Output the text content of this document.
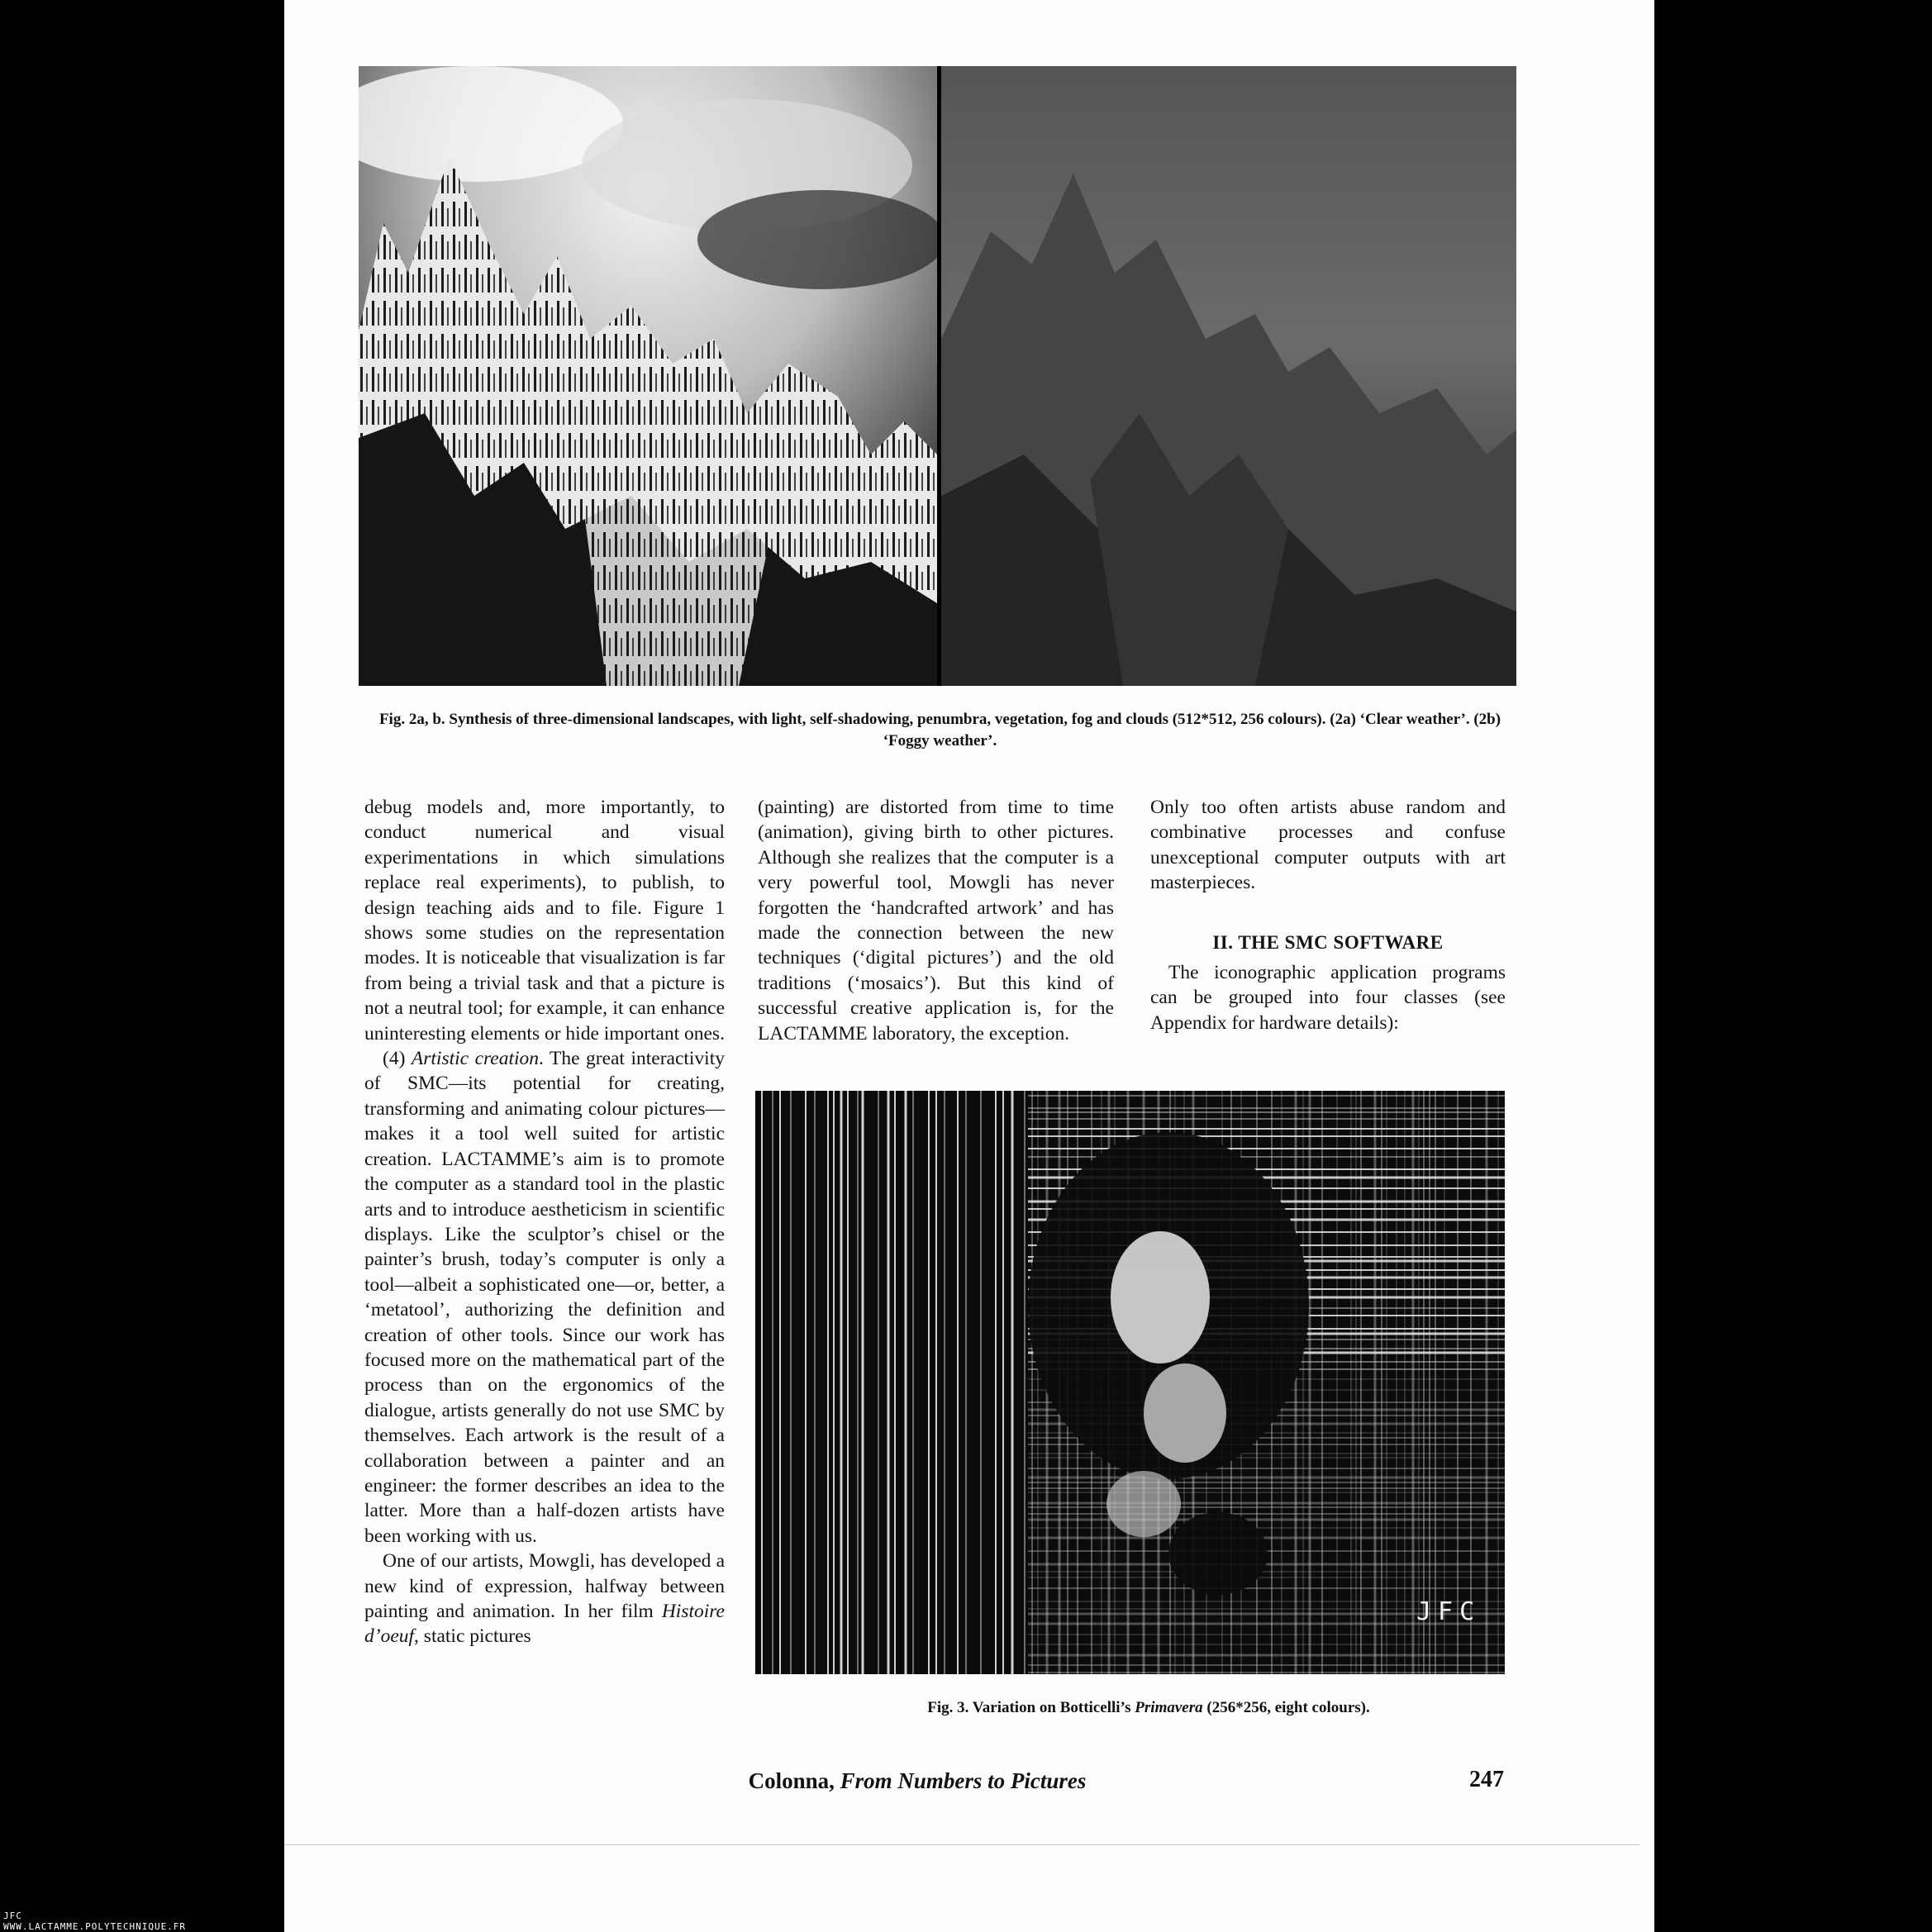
Fig. 2a, b. Synthesis of three-dimensional landscapes, with light, self-shadowing, penumbra, vegetation, fog and clouds (512*512, 256 colours). (2a) ‘Clear weather’. (2b) ‘Foggy weather’.

debug models and, more importantly, to conduct numerical and visual experimentations in which simulations replace real experiments), to publish, to design teaching aids and to file. Figure 1 shows some studies on the representation modes. It is noticeable that visualization is far from being a trivial task and that a picture is not a neutral tool; for example, it can enhance uninteresting elements or hide important ones.

(4) Artistic creation. The great interactivity of SMC—its potential for creating, transforming and animating colour pictures—makes it a tool well suited for artistic creation. LACTAMME’s aim is to promote the computer as a standard tool in the plastic arts and to introduce aestheticism in scientific displays. Like the sculptor’s chisel or the painter’s brush, today’s computer is only a tool—albeit a sophisticated one—or, better, a ‘metatool’, authorizing the definition and creation of other tools. Since our work has focused more on the mathematical part of the process than on the ergonomics of the dialogue, artists generally do not use SMC by themselves. Each artwork is the result of a collaboration between a painter and an engineer: the former describes an idea to the latter. More than a half-dozen artists have been working with us.

One of our artists, Mowgli, has developed a new kind of expression, halfway between painting and animation. In her film Histoire d’oeuf, static pictures

(painting) are distorted from time to time (animation), giving birth to other pictures. Although she realizes that the computer is a very powerful tool, Mowgli has never forgotten the ‘handcrafted artwork’ and has made the connection between the new techniques (‘digital pictures’) and the old traditions (‘mosaics’). But this kind of successful creative application is, for the LACTAMME laboratory, the exception.

Only too often artists abuse random and combinative processes and confuse unexceptional computer outputs with art masterpieces.

II. THE SMC SOFTWARE

The iconographic application programs can be grouped into four classes (see Appendix for hardware details):

JFC
Fig. 3. Variation on Botticelli’s Primavera (256*256, eight colours).
Colonna, From Numbers to Pictures	247
JFC
WWW.LACTAMME.POLYTECHNIQUE.FR
